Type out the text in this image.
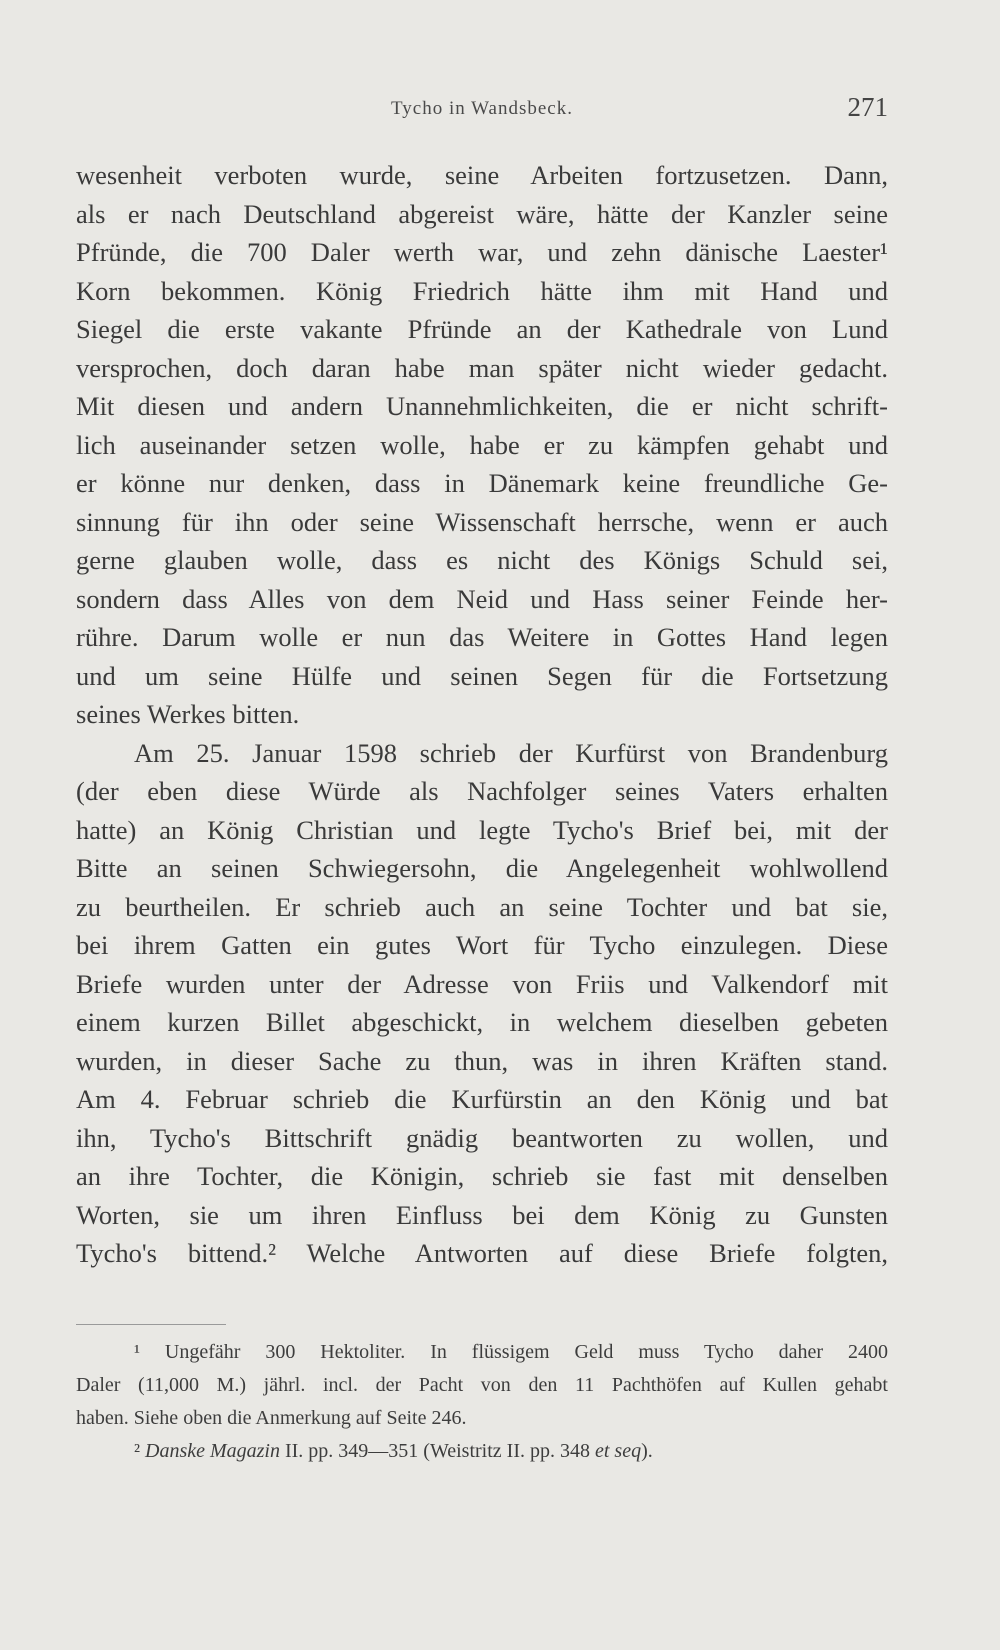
Tycho in Wandsbeck.	271
wesenheit verboten wurde, seine Arbeiten fortzusetzen. Dann,
als er nach Deutschland abgereist wäre, hätte der Kanzler seine
Pfründe, die 700 Daler werth war, und zehn dänische Laester¹
Korn bekommen. König Friedrich hätte ihm mit Hand und
Siegel die erste vakante Pfründe an der Kathedrale von Lund
versprochen, doch daran habe man später nicht wieder gedacht.
Mit diesen und andern Unannehmlichkeiten, die er nicht schrift-
lich auseinander setzen wolle, habe er zu kämpfen gehabt und
er könne nur denken, dass in Dänemark keine freundliche Ge-
sinnung für ihn oder seine Wissenschaft herrsche, wenn er auch
gerne glauben wolle, dass es nicht des Königs Schuld sei,
sondern dass Alles von dem Neid und Hass seiner Feinde her-
rühre. Darum wolle er nun das Weitere in Gottes Hand legen
und um seine Hülfe und seinen Segen für die Fortsetzung
seines Werkes bitten.
Am 25. Januar 1598 schrieb der Kurfürst von Brandenburg
(der eben diese Würde als Nachfolger seines Vaters erhalten
hatte) an König Christian und legte Tycho's Brief bei, mit der
Bitte an seinen Schwiegersohn, die Angelegenheit wohlwollend
zu beurtheilen. Er schrieb auch an seine Tochter und bat sie,
bei ihrem Gatten ein gutes Wort für Tycho einzulegen. Diese
Briefe wurden unter der Adresse von Friis und Valkendorf mit
einem kurzen Billet abgeschickt, in welchem dieselben gebeten
wurden, in dieser Sache zu thun, was in ihren Kräften stand.
Am 4. Februar schrieb die Kurfürstin an den König und bat
ihn, Tycho's Bittschrift gnädig beantworten zu wollen, und
an ihre Tochter, die Königin, schrieb sie fast mit denselben
Worten, sie um ihren Einfluss bei dem König zu Gunsten
Tycho's bittend.² Welche Antworten auf diese Briefe folgten,
¹ Ungefähr 300 Hektoliter. In flüssigem Geld muss Tycho daher 2400
Daler (11,000 M.) jährl. incl. der Pacht von den 11 Pachthöfen auf Kullen gehabt
haben. Siehe oben die Anmerkung auf Seite 246.
² Danske Magazin II. pp. 349—351 (Weistritz II. pp. 348 et seq).
